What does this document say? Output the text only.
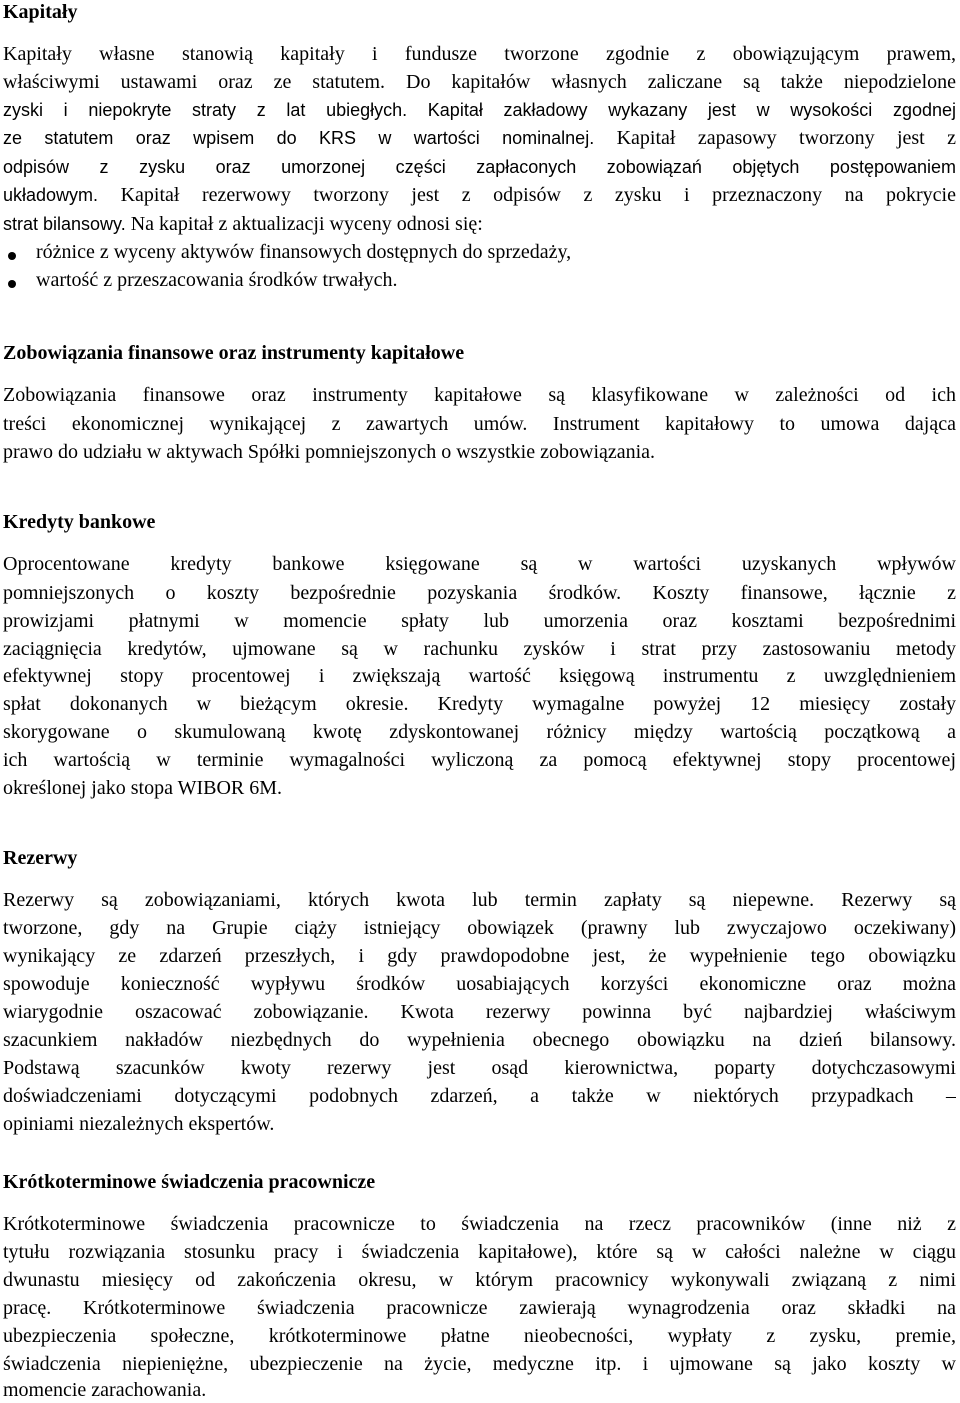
Kapitały
Kapitały własne stanowią kapitały i fundusze tworzone zgodnie z obowiązującym prawem,
właściwymi ustawami oraz ze statutem. Do kapitałów własnych zaliczane są także niepodzielone
zyski i niepokryte straty z lat ubiegłych. Kapitał zakładowy wykazany jest w wysokości zgodnej
ze statutem oraz wpisem do KRS w wartości nominalnej. Kapitał zapasowy tworzony jest z
odpisów z zysku oraz umorzonej części zapłaconych zobowiązań objętych postępowaniem
układowym. Kapitał rezerwowy tworzony jest z odpisów z zysku i przeznaczony na pokrycie
strat bilansowy. Na kapitał z aktualizacji wyceny odnosi się:
różnice z wyceny aktywów finansowych dostępnych do sprzedaży,
wartość z przeszacowania środków trwałych.
Zobowiązania finansowe oraz instrumenty kapitałowe
Zobowiązania finansowe oraz instrumenty kapitałowe są klasyfikowane w zależności od ich
treści ekonomicznej wynikającej z zawartych umów. Instrument kapitałowy to umowa dająca
prawo do udziału w aktywach Spółki pomniejszonych o wszystkie zobowiązania.
Kredyty bankowe
Oprocentowane kredyty bankowe księgowane są w wartości uzyskanych wpływów
pomniejszonych o koszty bezpośrednie pozyskania środków. Koszty finansowe, łącznie z
prowizjami płatnymi w momencie spłaty lub umorzenia oraz kosztami bezpośrednimi
zaciągnięcia kredytów, ujmowane są w rachunku zysków i strat przy zastosowaniu metody
efektywnej stopy procentowej i zwiększają wartość księgową instrumentu z uwzględnieniem
spłat dokonanych w bieżącym okresie. Kredyty wymagalne powyżej 12 miesięcy zostały
skorygowane o skumulowaną kwotę zdyskontowanej różnicy między wartością początkową a
ich wartością w terminie wymagalności wyliczoną za pomocą efektywnej stopy procentowej
określonej jako stopa WIBOR 6M.
Rezerwy
Rezerwy są zobowiązaniami, których kwota lub termin zapłaty są niepewne. Rezerwy są
tworzone, gdy na Grupie ciąży istniejący obowiązek (prawny lub zwyczajowo oczekiwany)
wynikający ze zdarzeń przeszłych, i gdy prawdopodobne jest, że wypełnienie tego obowiązku
spowoduje konieczność wypływu środków uosabiających korzyści ekonomiczne oraz można
wiarygodnie oszacować zobowiązanie. Kwota rezerwy powinna być najbardziej właściwym
szacunkiem nakładów niezbędnych do wypełnienia obecnego obowiązku na dzień bilansowy.
Podstawą szacunków kwoty rezerwy jest osąd kierownictwa, poparty dotychczasowymi
doświadczeniami dotyczącymi podobnych zdarzeń, a także w niektórych przypadkach –
opiniami niezależnych ekspertów.
Krótkoterminowe świadczenia pracownicze
Krótkoterminowe świadczenia pracownicze to świadczenia na rzecz pracowników (inne niż z
tytułu rozwiązania stosunku pracy i świadczenia kapitałowe), które są w całości należne w ciągu
dwunastu miesięcy od zakończenia okresu, w którym pracownicy wykonywali związaną z nimi
pracę. Krótkoterminowe świadczenia pracownicze zawierają wynagrodzenia oraz składki na
ubezpieczenia społeczne, krótkoterminowe płatne nieobecności, wypłaty z zysku, premie,
świadczenia niepieniężne, ubezpieczenie na życie, medyczne itp. i ujmowane są jako koszty w
momencie zarachowania.
